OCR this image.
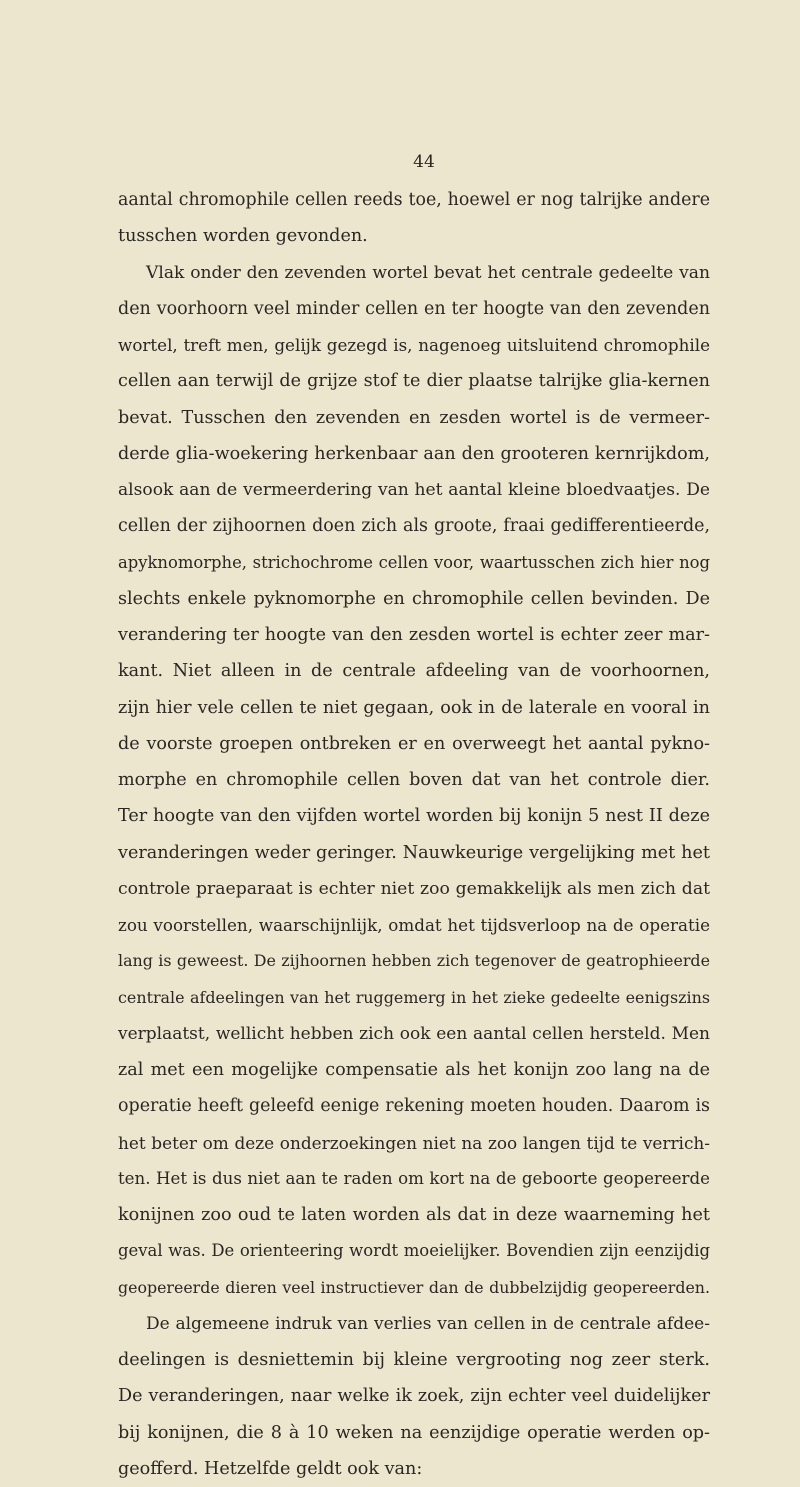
44
aantal chromophile cellen reeds toe, hoewel er nog talrijke andere
tusschen worden gevonden.
Vlak onder den zevenden wortel bevat het centrale gedeelte van
den voorhoorn veel minder cellen en ter hoogte van den zevenden
wortel, treft men, gelijk gezegd is, nagenoeg uitsluitend chromophile
cellen aan terwijl de grijze stof te dier plaatse talrijke glia-kernen
bevat. Tusschen den zevenden en zesden wortel is de vermeer-
derde glia-woekering herkenbaar aan den grooteren kernrijkdom,
alsook aan de vermeerdering van het aantal kleine bloedvaatjes. De
cellen der zijhoornen doen zich als groote, fraai gedifferentieerde,
apyknomorphe, strichochrome cellen voor, waartusschen zich hier nog
slechts enkele pyknomorphe en chromophile cellen bevinden. De
verandering ter hoogte van den zesden wortel is echter zeer mar-
kant. Niet alleen in de centrale afdeeling van de voorhoornen,
zijn hier vele cellen te niet gegaan, ook in de laterale en vooral in
de voorste groepen ontbreken er en overweegt het aantal pykno-
morphe en chromophile cellen boven dat van het controle dier.
Ter hoogte van den vijfden wortel worden bij konijn 5 nest II deze
veranderingen weder geringer. Nauwkeurige vergelijking met het
controle praeparaat is echter niet zoo gemakkelijk als men zich dat
zou voorstellen, waarschijnlijk, omdat het tijdsverloop na de operatie
lang is geweest. De zijhoornen hebben zich tegenover de geatrophieerde
centrale afdeelingen van het ruggemerg in het zieke gedeelte eenigszins
verplaatst, wellicht hebben zich ook een aantal cellen hersteld. Men
zal met een mogelijke compensatie als het konijn zoo lang na de
operatie heeft geleefd eenige rekening moeten houden. Daarom is
het beter om deze onderzoekingen niet na zoo langen tijd te verrich-
ten. Het is dus niet aan te raden om kort na de geboorte geopereerde
konijnen zoo oud te laten worden als dat in deze waarneming het
geval was. De orienteering wordt moeielijker. Bovendien zijn eenzijdig
geopereerde dieren veel instructiever dan de dubbelzijdig geopereerden.
De algemeene indruk van verlies van cellen in de centrale afdee-
deelingen is desniettemin bij kleine vergrooting nog zeer sterk.
De veranderingen, naar welke ik zoek, zijn echter veel duidelijker
bij konijnen, die 8 à 10 weken na eenzijdige operatie werden op-
geofferd. Hetzelfde geldt ook van:
